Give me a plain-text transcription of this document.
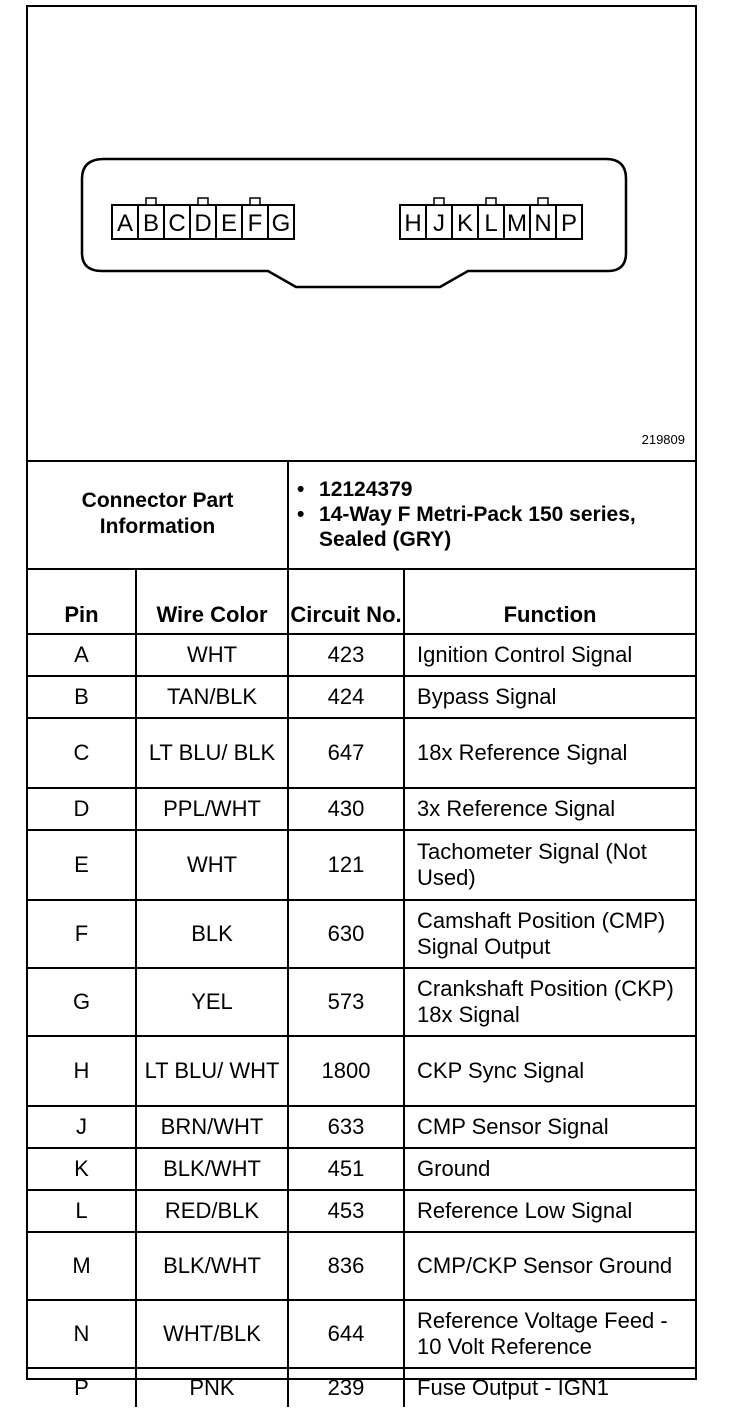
A B C D E F G	H J K L M N P
219809
Connector Part Information		• 12124379
• 14-Way F Metri-Pack 150 series, Sealed (GRY)

Pin	Wire Color	Circuit No.	Function
A	WHT	423	Ignition Control Signal
B	TAN/BLK	424	Bypass Signal
C	LT BLU/ BLK	647	18x Reference Signal
D	PPL/WHT	430	3x Reference Signal
E	WHT	121	Tachometer Signal (Not Used)
F	BLK	630	Camshaft Position (CMP) Signal Output
G	YEL	573	Crankshaft Position (CKP) 18x Signal
H	LT BLU/ WHT	1800	CKP Sync Signal
J	BRN/WHT	633	CMP Sensor Signal
K	BLK/WHT	451	Ground
L	RED/BLK	453	Reference Low Signal
M	BLK/WHT	836	CMP/CKP Sensor Ground
N	WHT/BLK	644	Reference Voltage Feed - 10 Volt Reference
P	PNK	239	Fuse Output - IGN1
